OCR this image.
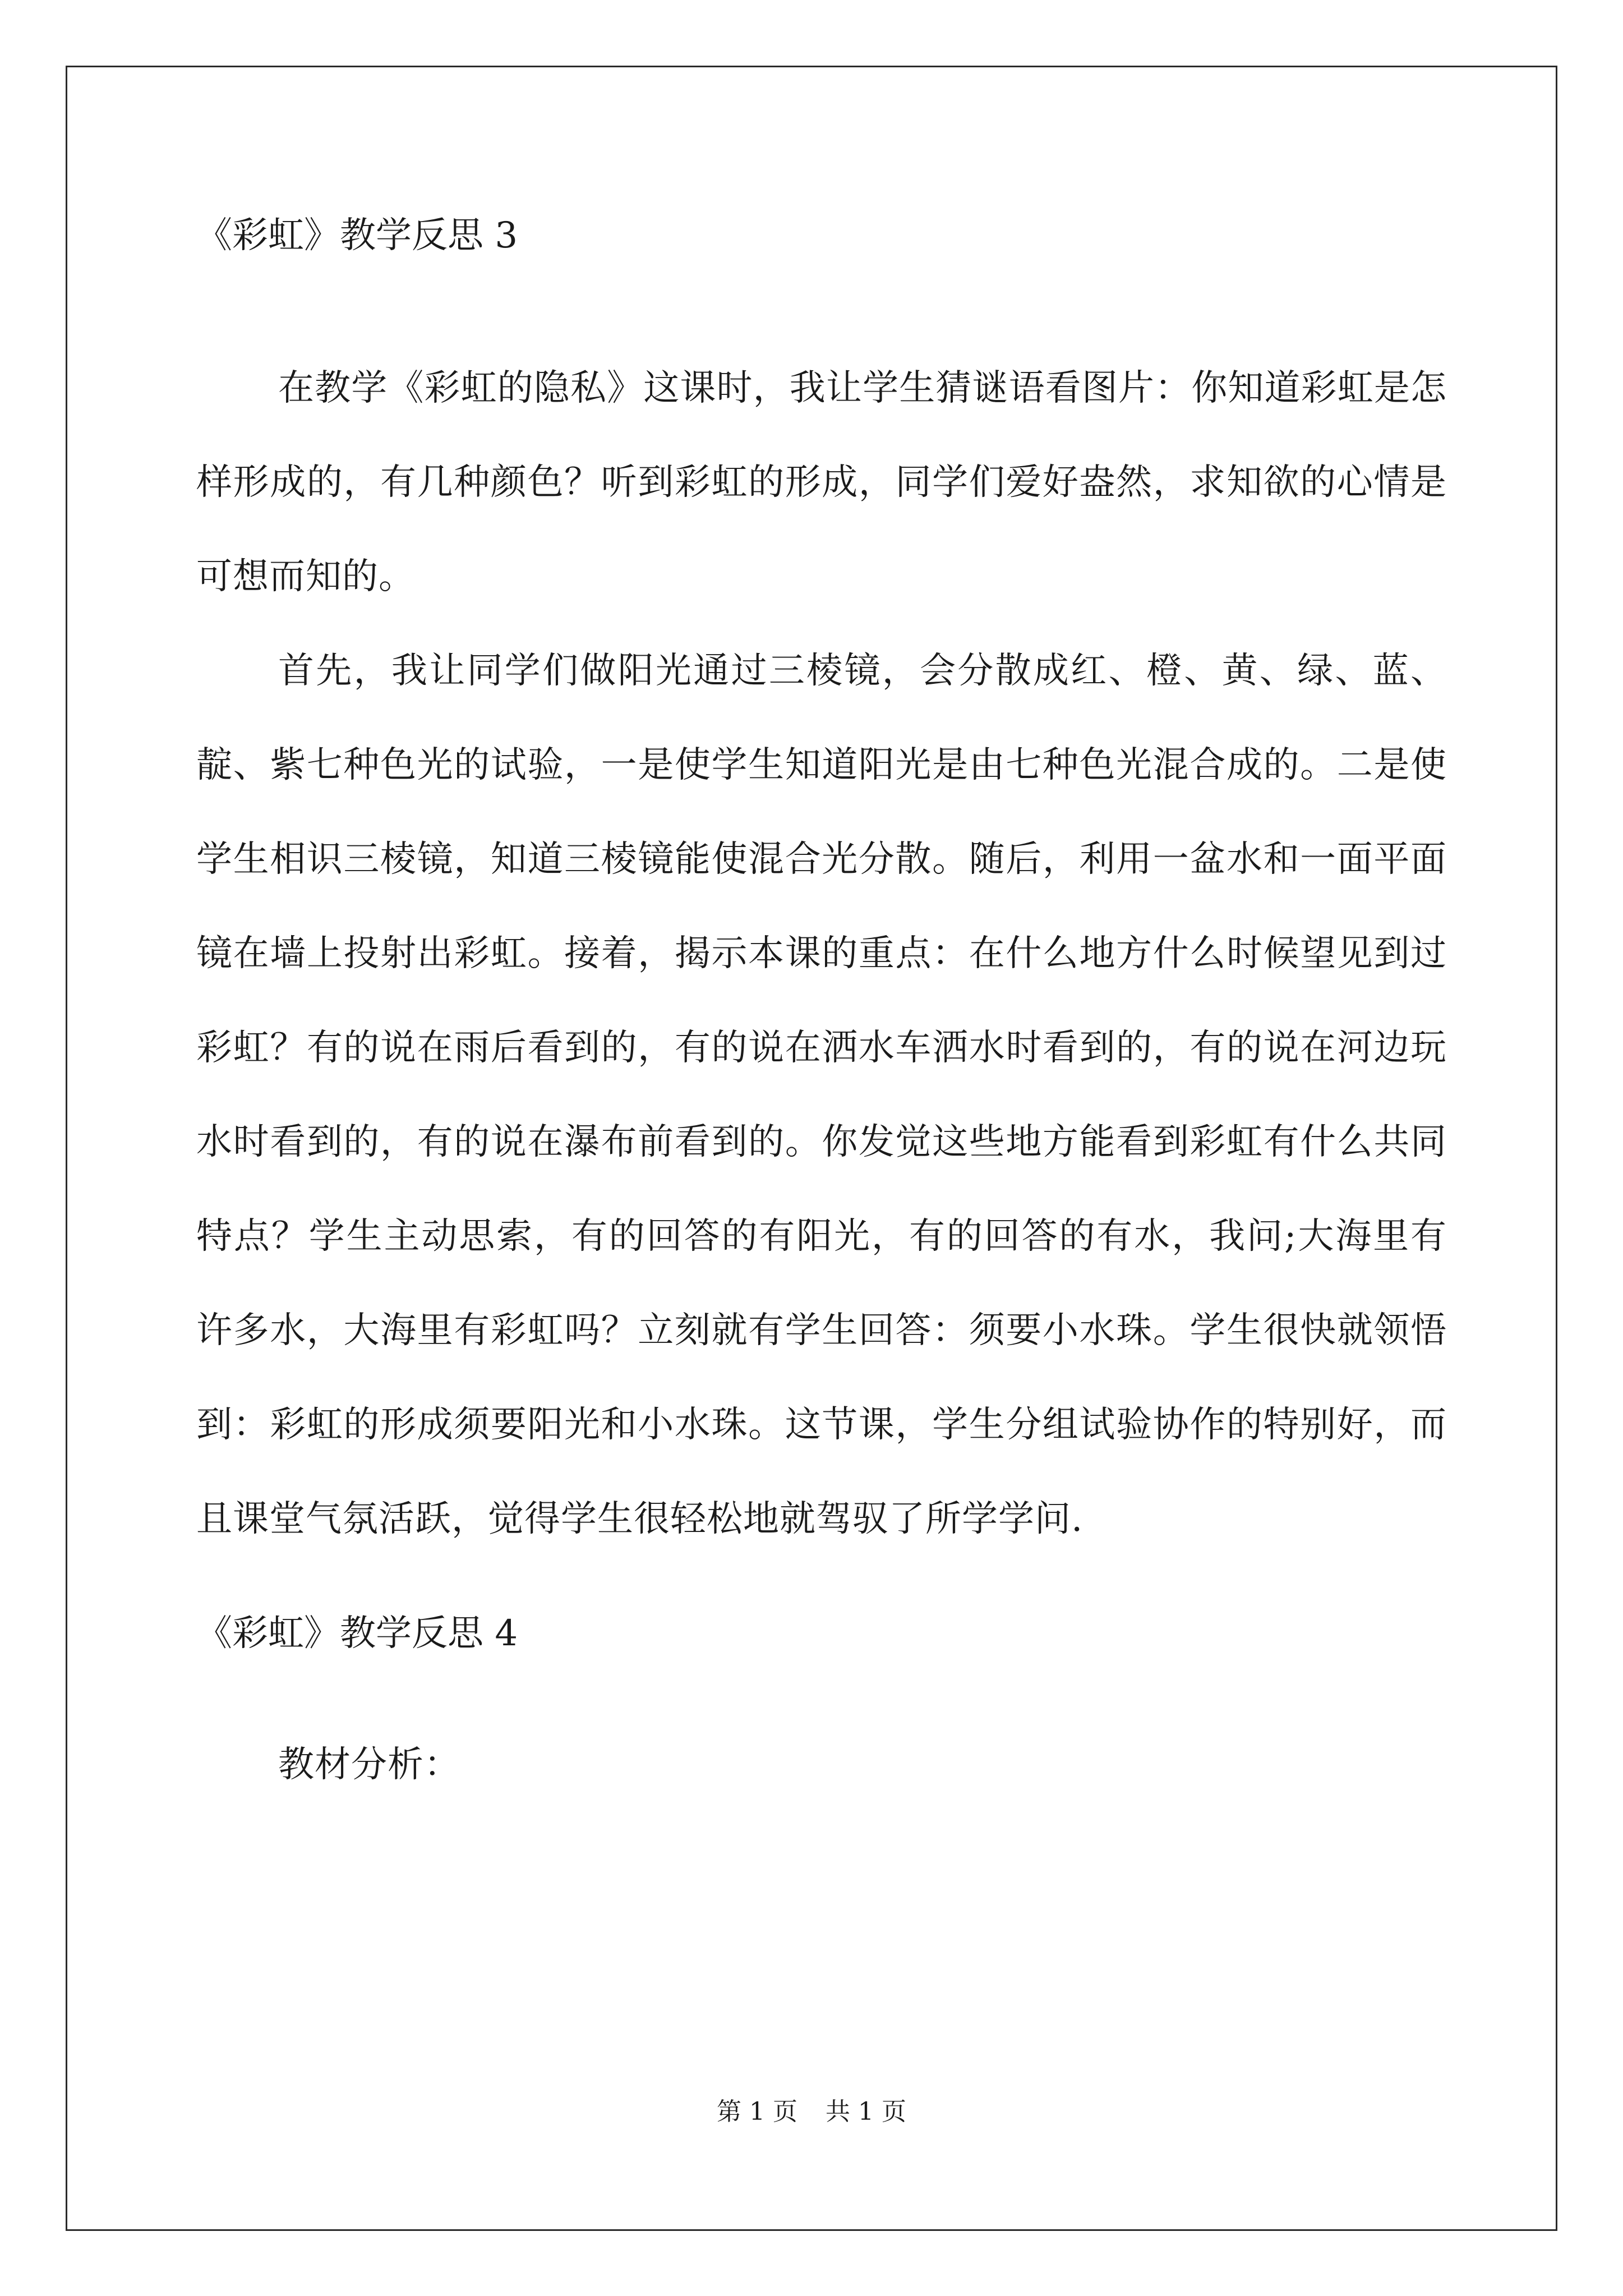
《彩虹》教学反思 3

在教学《彩虹的隐私》这课时，我让学生猜谜语看图片：你知道彩虹是怎样形成的，有几种颜色？听到彩虹的形成，同学们爱好盎然，求知欲的心情是可想而知的。

首先，我让同学们做阳光通过三棱镜，会分散成红、橙、黄、绿、蓝、靛、紫七种色光的试验，一是使学生知道阳光是由七种色光混合成的。二是使学生相识三棱镜，知道三棱镜能使混合光分散。随后，利用一盆水和一面平面镜在墙上投射出彩虹。接着，揭示本课的重点：在什么地方什么时候望见到过彩虹？有的说在雨后看到的，有的说在洒水车洒水时看到的，有的说在河边玩水时看到的，有的说在瀑布前看到的。你发觉这些地方能看到彩虹有什么共同特点？学生主动思索，有的回答的有阳光，有的回答的有水，我问;大海里有许多水，大海里有彩虹吗？立刻就有学生回答：须要小水珠。学生很快就领悟到：彩虹的形成须要阳光和小水珠。这节课，学生分组试验协作的特别好，而且课堂气氛活跃，觉得学生很轻松地就驾驭了所学学问.

《彩虹》教学反思 4

教材分析：

第 1 页 共 1 页
